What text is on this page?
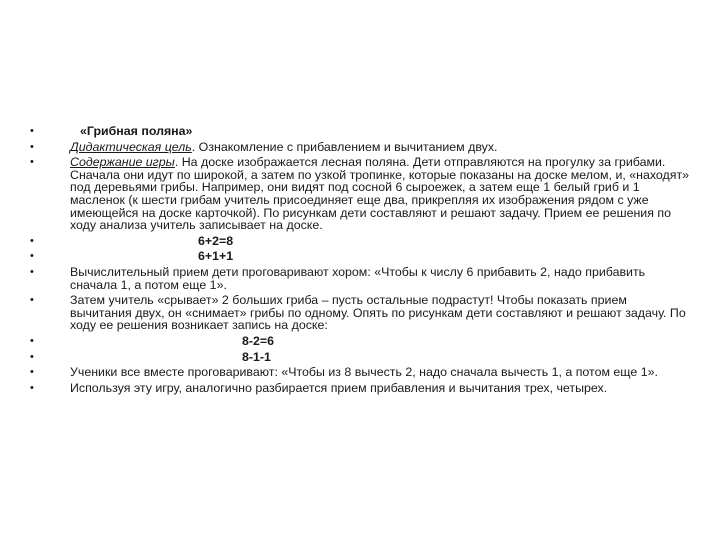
•	«Грибная поляна»
•	Дидактическая цель. Ознакомление с прибавлением и вычитанием двух.
•	Содержание игры. На доске изображается лесная поляна. Дети отправляются на прогулку за грибами. Сначала они идут по широкой, а затем по узкой тропинке, которые показаны на доске мелом, и, «находят» под деревьями грибы. Например, они видят под сосной 6 сыроежек, а затем еще 1 белый гриб и 1 масленок (к шести грибам учитель присоединяет еще два, прикрепляя их изображения рядом с уже имеющейся на доске карточкой). По рисункам дети составляют и решают задачу. Прием ее решения по ходу анализа учитель записывает на доске.
•	6+2=8
•	6+1+1
•	Вычислительный прием дети проговаривают хором: «Чтобы к числу 6 прибавить 2, надо прибавить сначала 1, а потом еще 1».
•	Затем учитель «срывает» 2 больших гриба – пусть остальные подрастут! Чтобы показать прием вычитания двух, он «снимает» грибы по одному. Опять по рисункам дети составляют и решают задачу. По ходу ее решения возникает запись на доске:
•	8-2=6
•	8-1-1
•	Ученики все вместе проговаривают: «Чтобы из 8 вычесть 2, надо сначала вычесть 1, а потом еще 1».
•	Используя эту игру, аналогично разбирается прием прибавления и вычитания трех, четырех.
